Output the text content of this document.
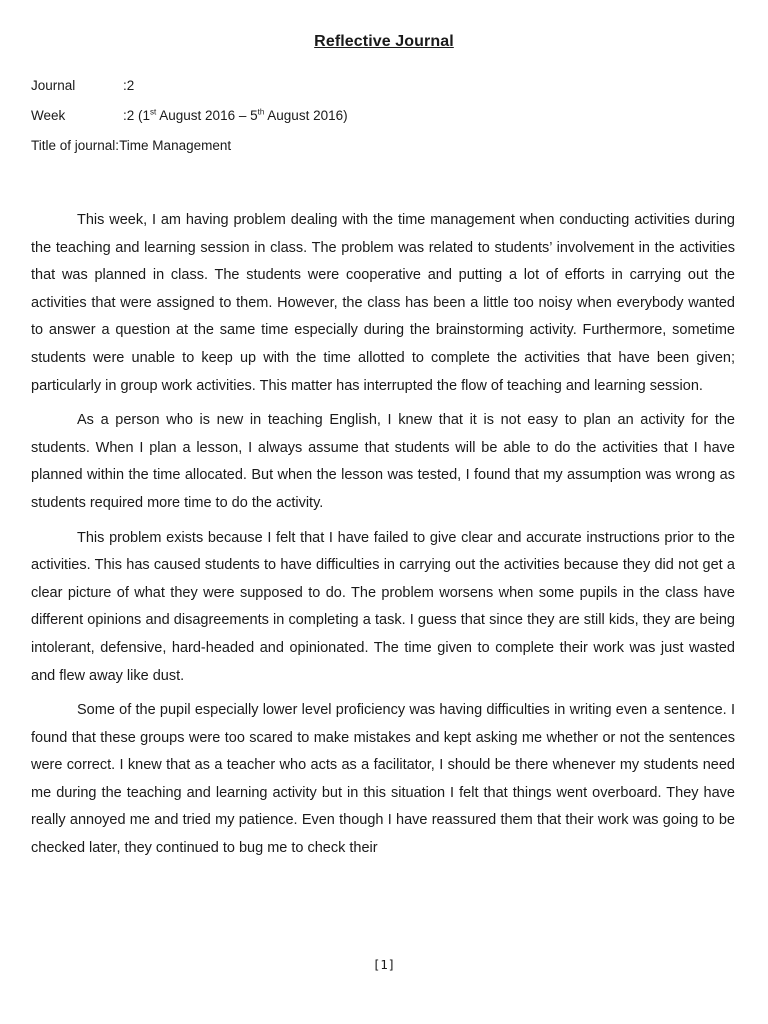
Reflective Journal
Journal	:2
Week	:2 (1st August 2016 – 5th August 2016)
Title of journal:Time Management

This week, I am having problem dealing with the time management when conducting activities during the teaching and learning session in class. The problem was related to students’ involvement in the activities that was planned in class. The students were cooperative and putting a lot of efforts in carrying out the activities that were assigned to them. However, the class has been a little too noisy when everybody wanted to answer a question at the same time especially during the brainstorming activity. Furthermore, sometime students were unable to keep up with the time allotted to complete the activities that have been given; particularly in group work activities. This matter has interrupted the flow of teaching and learning session.

As a person who is new in teaching English, I knew that it is not easy to plan an activity for the students. When I plan a lesson, I always assume that students will be able to do the activities that I have planned within the time allocated. But when the lesson was tested, I found that my assumption was wrong as students required more time to do the activity.

This problem exists because I felt that I have failed to give clear and accurate instructions prior to the activities. This has caused students to have difficulties in carrying out the activities because they did not get a clear picture of what they were supposed to do. The problem worsens when some pupils in the class have different opinions and disagreements in completing a task. I guess that since they are still kids, they are being intolerant, defensive, hard-headed and opinionated. The time given to complete their work was just wasted and flew away like dust.

Some of the pupil especially lower level proficiency was having difficulties in writing even a sentence. I found that these groups were too scared to make mistakes and kept asking me whether or not the sentences were correct. I knew that as a teacher who acts as a facilitator, I should be there whenever my students need me during the teaching and learning activity but in this situation I felt that things went overboard. They have really annoyed me and tried my patience. Even though I have reassured them that their work was going to be checked later, they continued to bug me to check their

[1]
